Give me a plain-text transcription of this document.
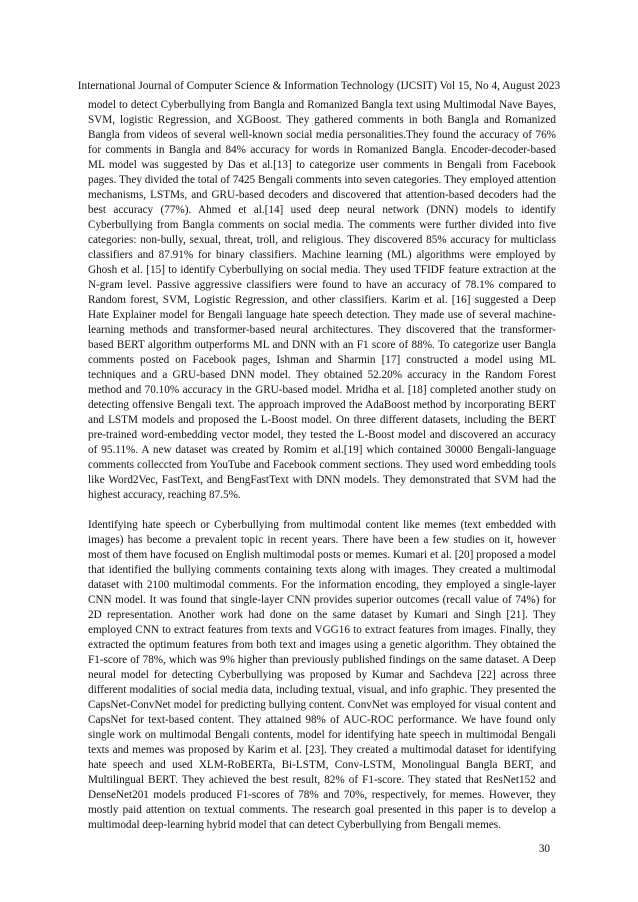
International Journal of Computer Science & Information Technology (IJCSIT) Vol 15, No 4, August 2023

model to detect Cyberbullying from Bangla and Romanized Bangla text using Multimodal Nave Bayes, SVM, logistic Regression, and XGBoost. They gathered comments in both Bangla and Romanized Bangla from videos of several well-known social media personalities.They found the accuracy of 76% for comments in Bangla and 84% accuracy for words in Romanized Bangla. Encoder-decoder-based ML model was suggested by Das et al.[13] to categorize user comments in Bengali from Facebook pages. They divided the total of 7425 Bengali comments into seven categories. They employed attention mechanisms, LSTMs, and GRU-based decoders and discovered that attention-based decoders had the best accuracy (77%). Ahmed et al.[14] used deep neural network (DNN) models to identify Cyberbullying from Bangla comments on social media. The comments were further divided into five categories: non-bully, sexual, threat, troll, and religious. They discovered 85% accuracy for multiclass classifiers and 87.91% for binary classifiers. Machine learning (ML) algorithms were employed by Ghosh et al. [15] to identify Cyberbullying on social media. They used TFIDF feature extraction at the N-gram level. Passive aggressive classifiers were found to have an accuracy of 78.1% compared to Random forest, SVM, Logistic Regression, and other classifiers. Karim et al. [16] suggested a Deep Hate Explainer model for Bengali language hate speech detection. They made use of several machine-learning methods and transformer-based neural architectures. They discovered that the transformer-based BERT algorithm outperforms ML and DNN with an F1 score of 88%. To categorize user Bangla comments posted on Facebook pages, Ishman and Sharmin [17] constructed a model using ML techniques and a GRU-based DNN model. They obtained 52.20% accuracy in the Random Forest method and 70.10% accuracy in the GRU-based model. Mridha et al. [18] completed another study on detecting offensive Bengali text. The approach improved the AdaBoost method by incorporating BERT and LSTM models and proposed the L-Boost model. On three different datasets, including the BERT pre-trained word-embedding vector model, they tested the L-Boost model and discovered an accuracy of 95.11%. A new dataset was created by Romim et al.[19] which contained 30000 Bengali-language comments colleccted from YouTube and Facebook comment sections. They used word embedding tools like Word2Vec, FastText, and BengFastText with DNN models. They demonstrated that SVM had the highest accuracy, reaching 87.5%.

Identifying hate speech or Cyberbullying from multimodal content like memes (text embedded with images) has become a prevalent topic in recent years. There have been a few studies on it, however most of them have focused on English multimodal posts or memes. Kumari et al. [20] proposed a model that identified the bullying comments containing texts along with images. They created a multimodal dataset with 2100 multimodal comments. For the information encoding, they employed a single-layer CNN model. It was found that single-layer CNN provides superior outcomes (recall value of 74%) for 2D representation. Another work had done on the same dataset by Kumari and Singh [21]. They employed CNN to extract features from texts and VGG16 to extract features from images. Finally, they extracted the optimum features from both text and images using a genetic algorithm. They obtained the F1-score of 78%, which was 9% higher than previously published findings on the same dataset. A Deep neural model for detecting Cyberbullying was proposed by Kumar and Sachdeva [22] across three different modalities of social media data, including textual, visual, and info graphic. They presented the CapsNet-ConvNet model for predicting bullying content. ConvNet was employed for visual content and CapsNet for text-based content. They attained 98% of AUC-ROC performance. We have found only single work on multimodal Bengali contents, model for identifying hate speech in multimodal Bengali texts and memes was proposed by Karim et al. [23]. They created a multimodal dataset for identifying hate speech and used XLM-RoBERTa, Bi-LSTM, Conv-LSTM, Monolingual Bangla BERT, and Multilingual BERT. They achieved the best result, 82% of F1-score. They stated that ResNet152 and DenseNet201 models produced F1-scores of 78% and 70%, respectively, for memes. However, they mostly paid attention on textual comments. The research goal presented in this paper is to develop a multimodal deep-learning hybrid model that can detect Cyberbullying from Bengali memes.

30
